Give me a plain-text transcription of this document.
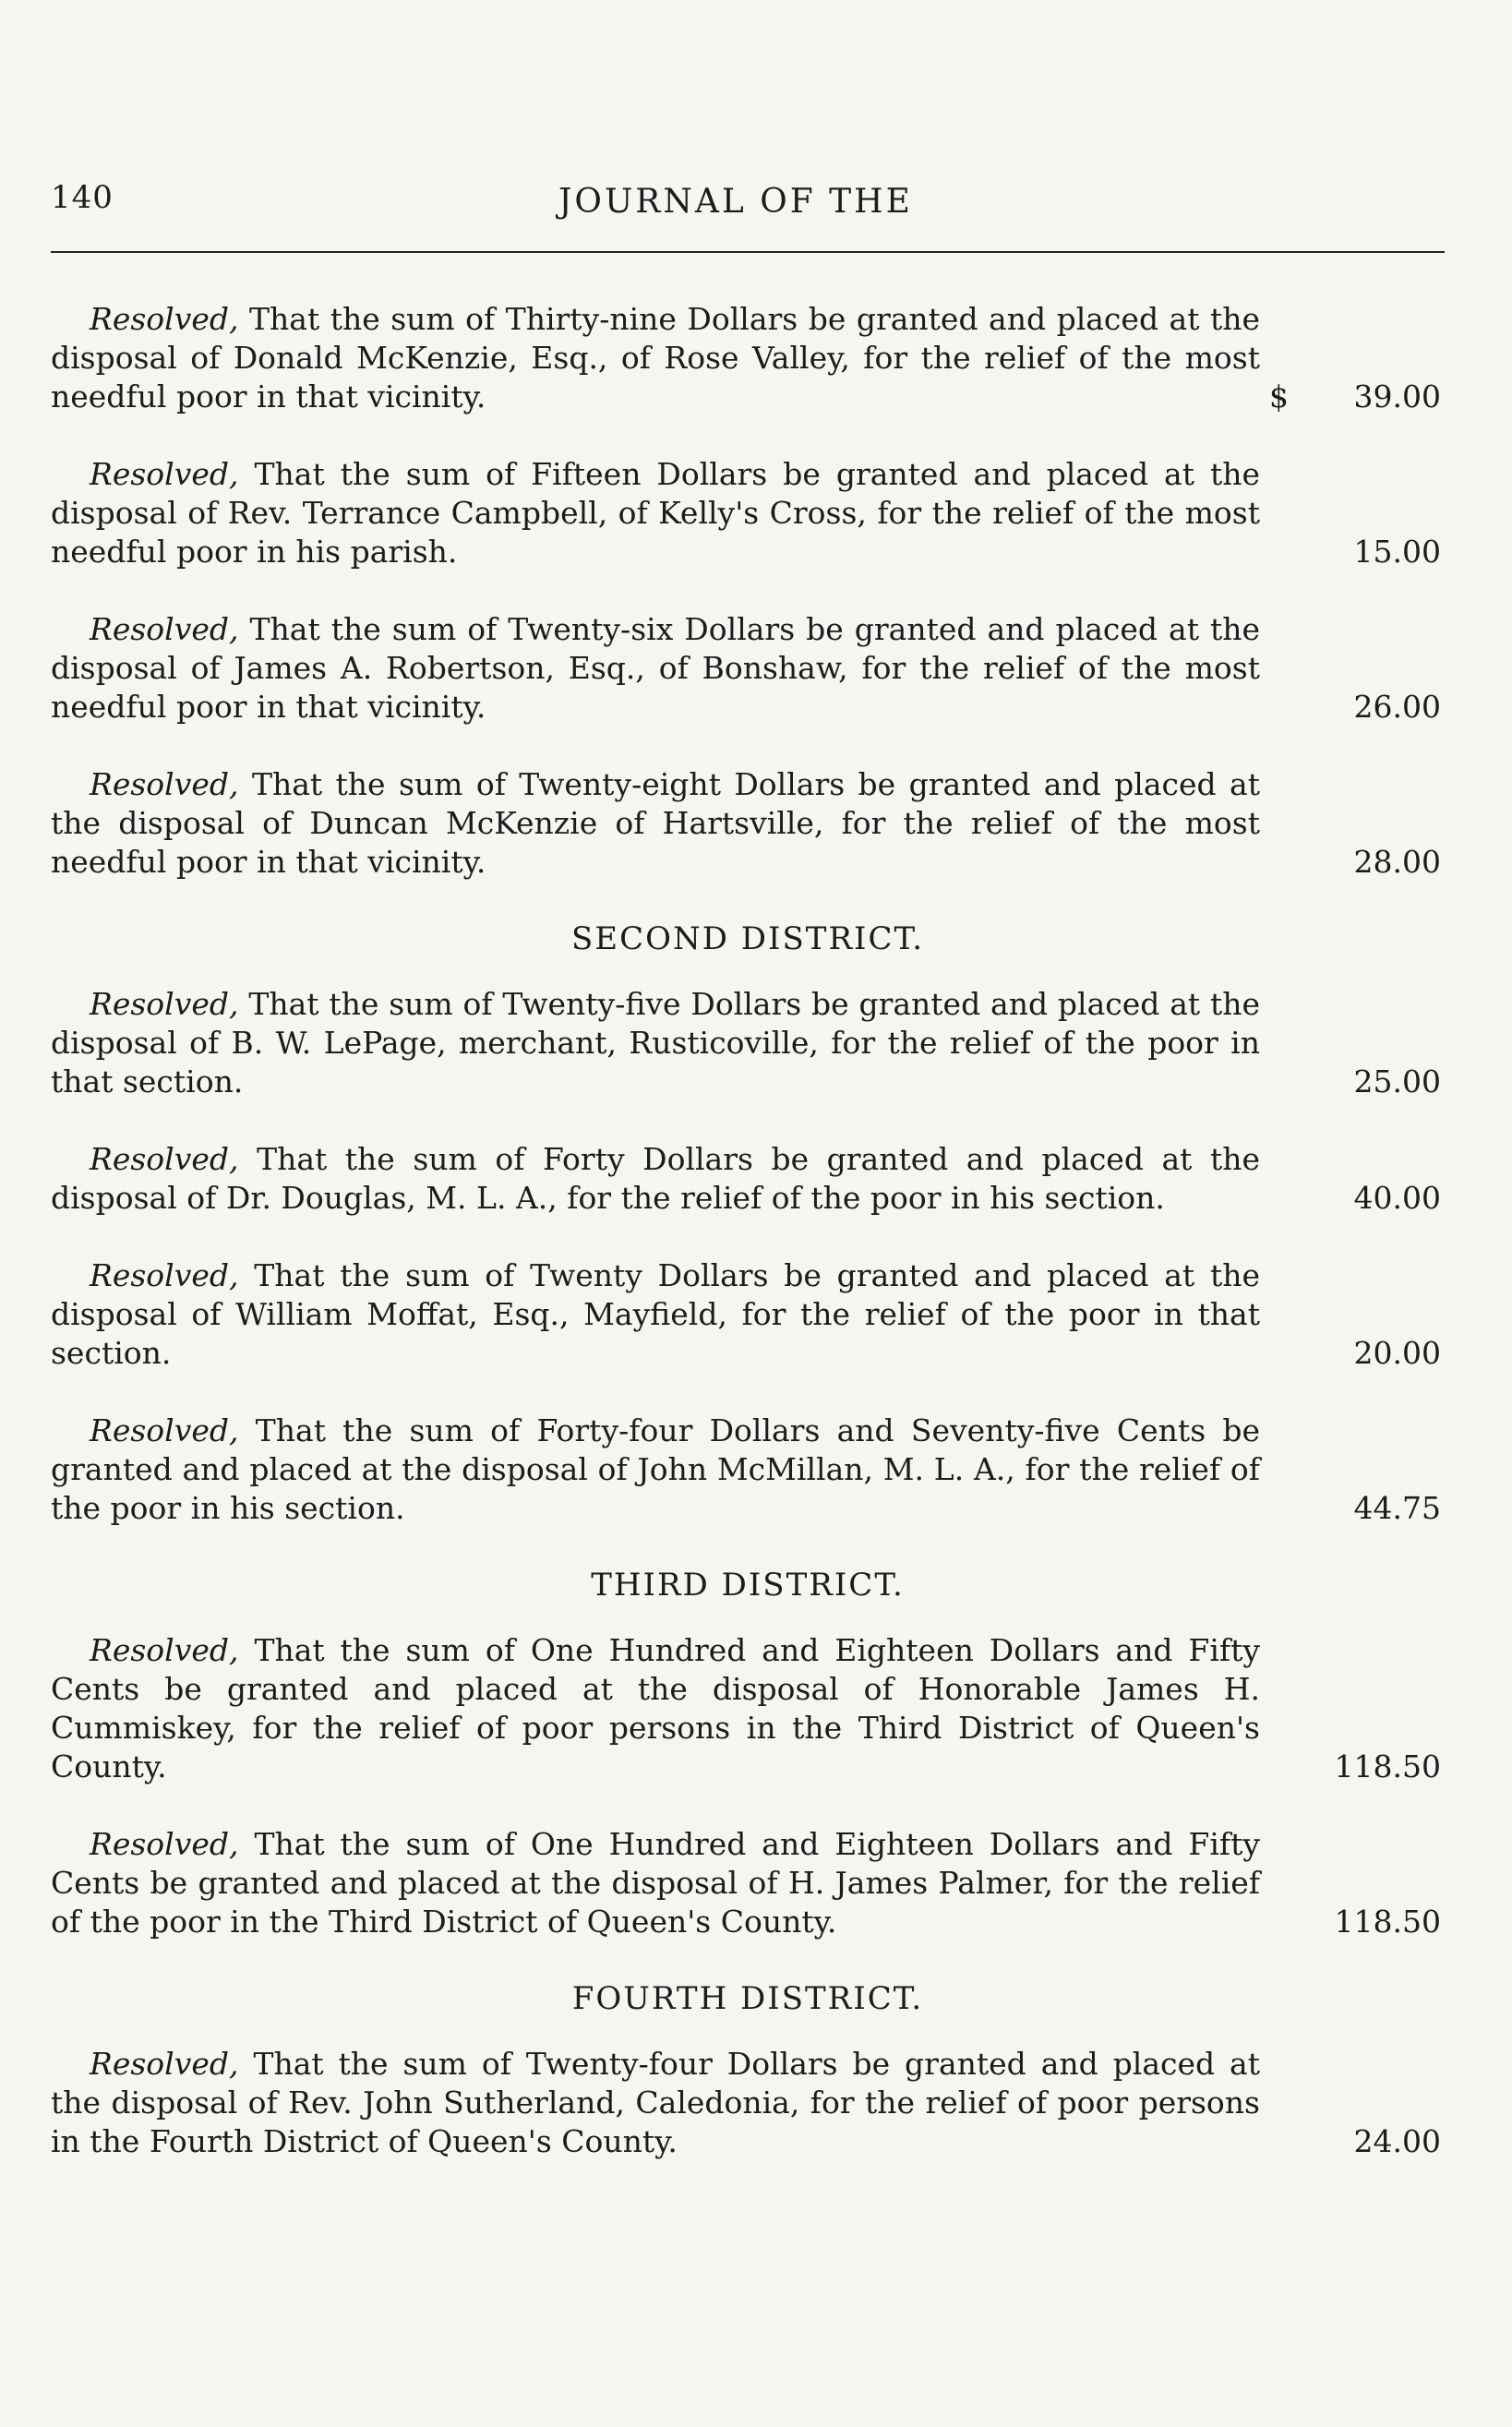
140	JOURNAL OF THE
Resolved, That the sum of Thirty-nine Dollars be granted and placed at the disposal of Donald McKenzie, Esq., of Rose Valley, for the relief of the most needful poor in that vicinity.	$ 39.00
Resolved, That the sum of Fifteen Dollars be granted and placed at the disposal of Rev. Terrance Campbell, of Kelly's Cross, for the relief of the most needful poor in his parish.	15.00
Resolved, That the sum of Twenty-six Dollars be granted and placed at the disposal of James A. Robertson, Esq., of Bonshaw, for the relief of the most needful poor in that vicinity.	26.00
Resolved, That the sum of Twenty-eight Dollars be granted and placed at the disposal of Duncan McKenzie of Hartsville, for the relief of the most needful poor in that vicinity.	28.00
SECOND DISTRICT.
Resolved, That the sum of Twenty-five Dollars be granted and placed at the disposal of B. W. LePage, merchant, Rusticoville, for the relief of the poor in that section.	25.00
Resolved, That the sum of Forty Dollars be granted and placed at the disposal of Dr. Douglas, M. L. A., for the relief of the poor in his section.	40.00
Resolved, That the sum of Twenty Dollars be granted and placed at the disposal of William Moffat, Esq., Mayfield, for the relief of the poor in that section.	20.00
Resolved, That the sum of Forty-four Dollars and Seventy-five Cents be granted and placed at the disposal of John McMillan, M. L. A., for the relief of the poor in his section.	44.75
THIRD DISTRICT.
Resolved, That the sum of One Hundred and Eighteen Dollars and Fifty Cents be granted and placed at the disposal of Honorable James H. Cummiskey, for the relief of poor persons in the Third District of Queen's County.	118.50
Resolved, That the sum of One Hundred and Eighteen Dollars and Fifty Cents be granted and placed at the disposal of H. James Palmer, for the relief of the poor in the Third District of Queen's County.	118.50
FOURTH DISTRICT.
Resolved, That the sum of Twenty-four Dollars be granted and placed at the disposal of Rev. John Sutherland, Caledonia, for the relief of poor persons in the Fourth District of Queen's County.	24.00
